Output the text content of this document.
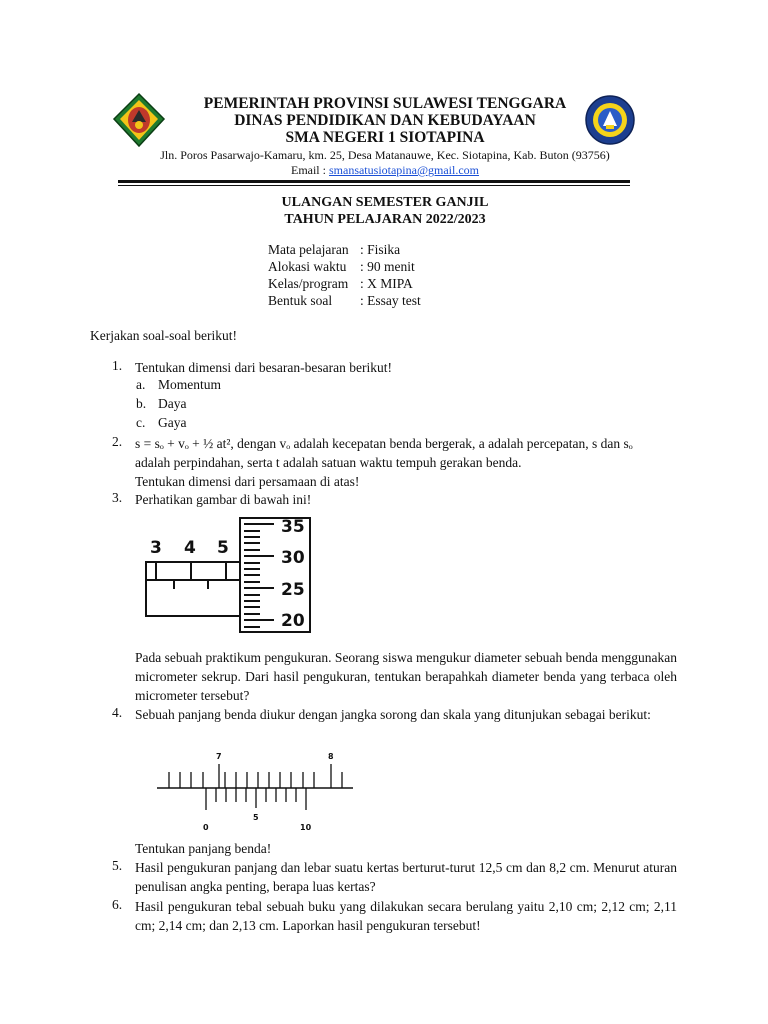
PEMERINTAH PROVINSI SULAWESI TENGGARA
DINAS PENDIDIKAN DAN KEBUDAYAAN
SMA NEGERI 1 SIOTAPINA
Jln. Poros Pasarwajo-Kamaru, km. 25, Desa Matanauwe, Kec. Siotapina, Kab. Buton (93756)
Email : smansatusiotapina@gmail.com
ULANGAN SEMESTER GANJIL
TAHUN PELAJARAN 2022/2023
Mata pelajaran : Fisika
Alokasi waktu : 90 menit
Kelas/program : X MIPA
Bentuk soal : Essay test
Kerjakan soal-soal berikut!
1. Tentukan dimensi dari besaran-besaran berikut!
a. Momentum
b. Daya
c. Gaya
2. s = sₒ + vₒ + ½ at², dengan vₒ adalah kecepatan benda bergerak, a adalah percepatan, s dan sₒ
adalah perpindahan, serta t adalah satuan waktu tempuh gerakan benda.
Tentukan dimensi dari persamaan di atas!
3. Perhatikan gambar di bawah ini!
3 4 5
35
30
25
20
Pada sebuah praktikum pengukuran. Seorang siswa mengukur diameter sebuah benda menggunakan micrometer sekrup. Dari hasil pengukuran, tentukan berapahkah diameter benda yang terbaca oleh micrometer tersebut?
4. Sebuah panjang benda diukur dengan jangka sorong dan skala yang ditunjukan sebagai berikut:
7	8
0
5
10
Tentukan panjang benda!
5. Hasil pengukuran panjang dan lebar suatu kertas berturut-turut 12,5 cm dan 8,2 cm. Menurut aturan penulisan angka penting, berapa luas kertas?
6. Hasil pengukuran tebal sebuah buku yang dilakukan secara berulang yaitu 2,10 cm; 2,12 cm; 2,11 cm; 2,14 cm; dan 2,13 cm. Laporkan hasil pengukuran tersebut!
